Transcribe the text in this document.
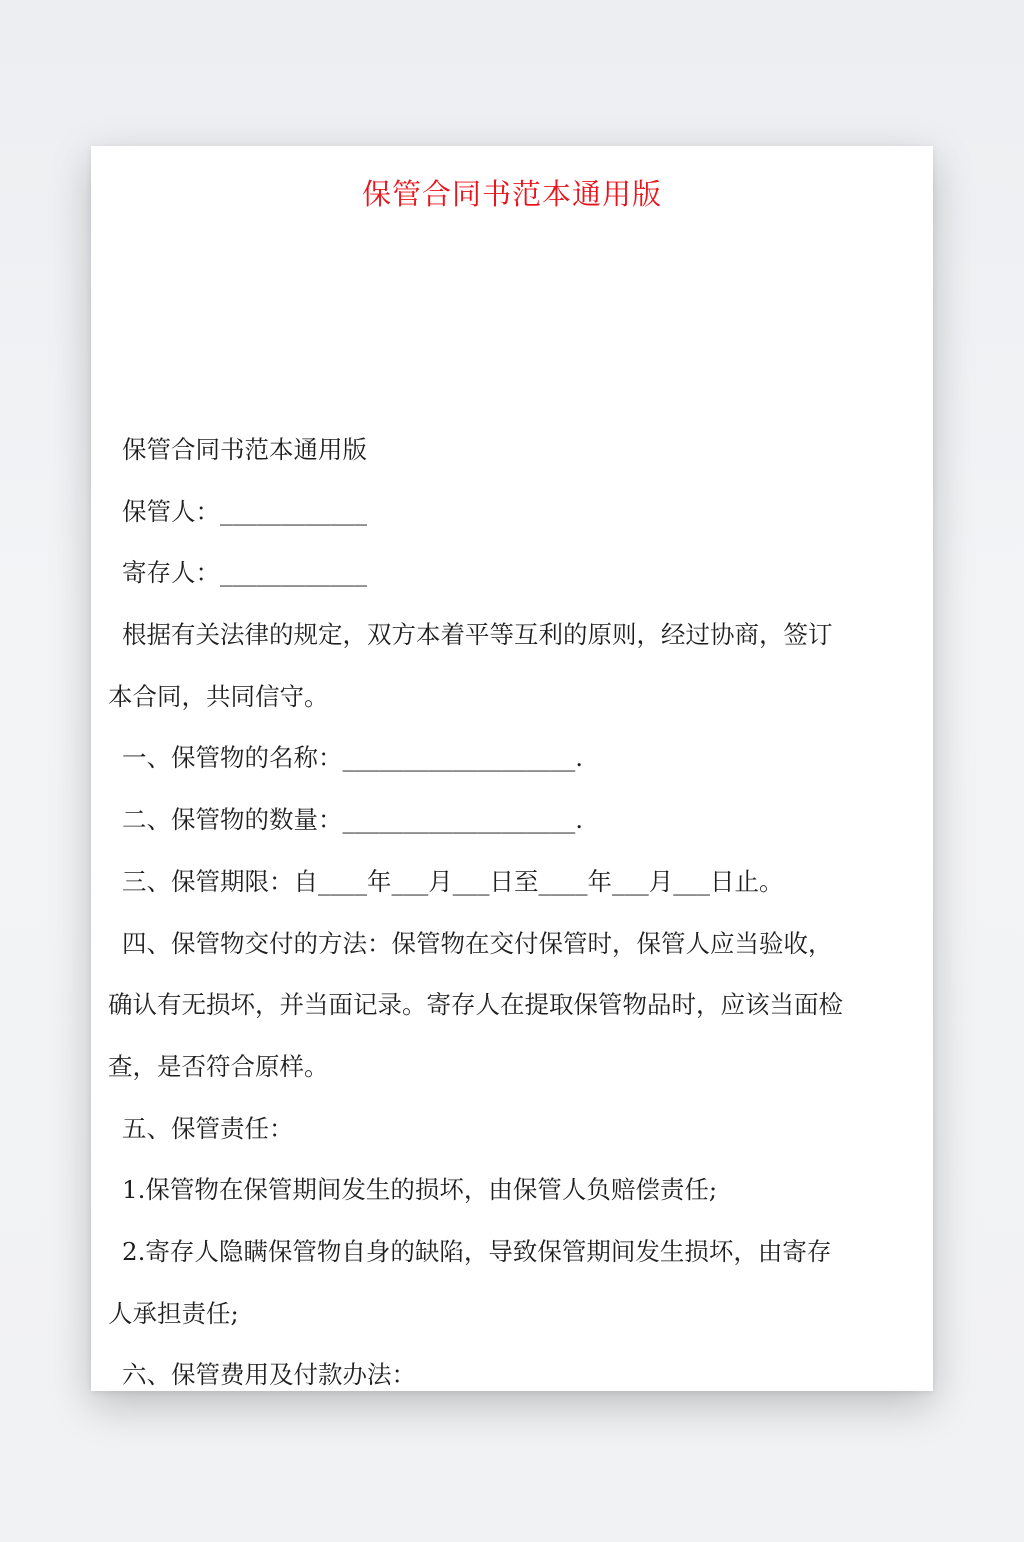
保管合同书范本通用版
保管合同书范本通用版
保管人：____________
寄存人：____________
根据有关法律的规定，双方本着平等互利的原则，经过协商，签订
本合同，共同信守。
一、保管物的名称：___________________.
二、保管物的数量：___________________.
三、保管期限：自____年___月___日至____年___月___日止。
四、保管物交付的方法：保管物在交付保管时，保管人应当验收，
确认有无损坏，并当面记录。寄存人在提取保管物品时，应该当面检
查，是否符合原样。
五、保管责任：
1.保管物在保管期间发生的损坏，由保管人负赔偿责任;
2.寄存人隐瞒保管物自身的缺陷，导致保管期间发生损坏，由寄存
人承担责任;
六、保管费用及付款办法：
